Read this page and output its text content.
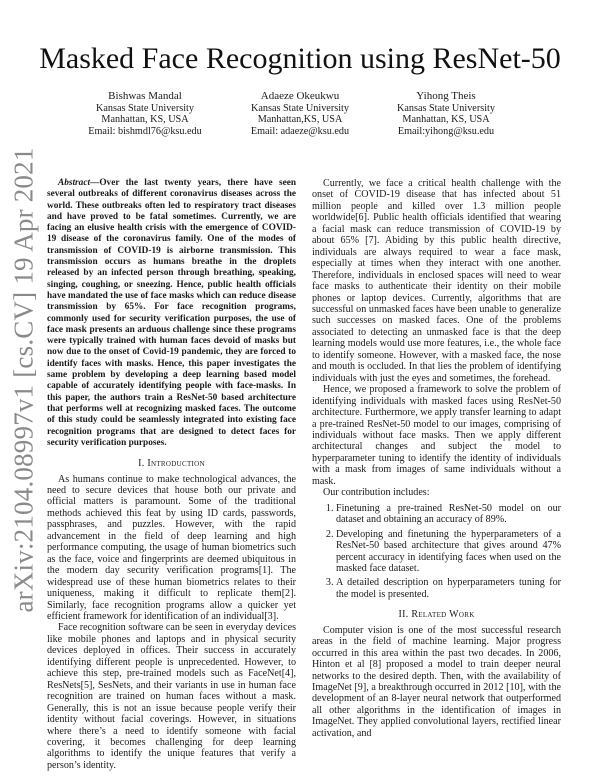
Masked Face Recognition using ResNet-50
Bishwas Mandal
Kansas State University
Manhattan, KS, USA
Email: bishmdl76@ksu.edu
Adaeze Okeukwu
Kansas State University
Manhattan,KS, USA
Email: adaeze@ksu.edu
Yihong Theis
Kansas State University
Manhattan, KS, USA
Email:yihong@ksu.edu
arXiv:2104.08997v1 [cs.CV] 19 Apr 2021	Abstract—Over the last twenty years, there have seen several outbreaks of different coronavirus diseases across the world. These outbreaks often led to respiratory tract diseases and have proved to be fatal sometimes. Currently, we are facing an elusive health crisis with the emergence of COVID-19 disease of the coronavirus family. One of the modes of transmission of COVID-19 is airborne transmission. This transmission occurs as humans breathe in the droplets released by an infected person through breathing, speaking, singing, coughing, or sneezing. Hence, public health officials have mandated the use of face masks which can reduce disease transmission by 65%. For face recognition programs, commonly used for security verification purposes, the use of face mask presents an arduous challenge since these programs were typically trained with human faces devoid of masks but now due to the onset of Covid-19 pandemic, they are forced to identify faces with masks. Hence, this paper investigates the same problem by developing a deep learning based model capable of accurately identifying people with face-masks. In this paper, the authors train a ResNet-50 based architecture that performs well at recognizing masked faces. The outcome of this study could be seamlessly integrated into existing face recognition programs that are designed to detect faces for security verification purposes.

I. Introduction

As humans continue to make technological advances, the need to secure devices that house both our private and official matters is paramount. Some of the traditional methods achieved this feat by using ID cards, passwords, passphrases, and puzzles. However, with the rapid advancement in the field of deep learning and high performance computing, the usage of human biometrics such as the face, voice and fingerprints are deemed ubiquitous in the modern day security verification programs[1]. The widespread use of these human biometrics relates to their uniqueness, making it difficult to replicate them[2]. Similarly, face recognition programs allow a quicker yet efficient framework for identification of an individual[3].

Face recognition software can be seen in everyday devices like mobile phones and laptops and in physical security devices deployed in offices. Their success in accurately identifying different people is unprecedented. However, to achieve this step, pre-trained models such as FaceNet[4], ResNets[5], SesNets, and their variants in use in human face recognition are trained on human faces without a mask. Generally, this is not an issue because people verify their identity without facial coverings. However, in situations where there’s a need to identify someone with facial covering, it becomes challenging for deep learning algorithms to identify the unique features that verify a person’s identity.

Currently, we face a critical health challenge with the onset of COVID-19 disease that has infected about 51 million people and killed over 1.3 million people worldwide[6]. Public health officials identified that wearing a facial mask can reduce transmission of COVID-19 by about 65% [7]. Abiding by this public health directive, individuals are always required to wear a face mask, especially at times when they interact with one another. Therefore, individuals in enclosed spaces will need to wear face masks to authenticate their identity on their mobile phones or laptop devices. Currently, algorithms that are successful on unmasked faces have been unable to generalize such successes on masked faces. One of the problems associated to detecting an unmasked face is that the deep learning models would use more features, i.e., the whole face to identify someone. However, with a masked face, the nose and mouth is occluded. In that lies the problem of identifying individuals with just the eyes and sometimes, the forehead.

Hence, we proposed a framework to solve the problem of identifying individuals with masked faces using ResNet-50 architecture. Furthermore, we apply transfer learning to adapt a pre-trained ResNet-50 model to our images, comprising of individuals without face masks. Then we apply different architectural changes and subject the model to hyperparameter tuning to identify the identity of individuals with a mask from images of same individuals without a mask.

Our contribution includes:

1. Finetuning a pre-trained ResNet-50 model on our dataset and obtaining an accuracy of 89%.
2. Developing and finetuning the hyperparameters of a ResNet-50 based architecture that gives around 47% percent accuracy in identifying faces when used on the masked face dataset.
3. A detailed description on hyperparameters tuning for the model is presented.
II. Related Work

Computer vision is one of the most successful research areas in the field of machine learning. Major progress occurred in this area within the past two decades. In 2006, Hinton et al [8] proposed a model to train deeper neural networks to the desired depth. Then, with the availability of ImageNet [9], a breakthrough occurred in 2012 [10], with the development of an 8-layer neural network that outperformed all other algorithms in the identification of images in ImageNet. They applied convolutional layers, rectified linear activation, and
